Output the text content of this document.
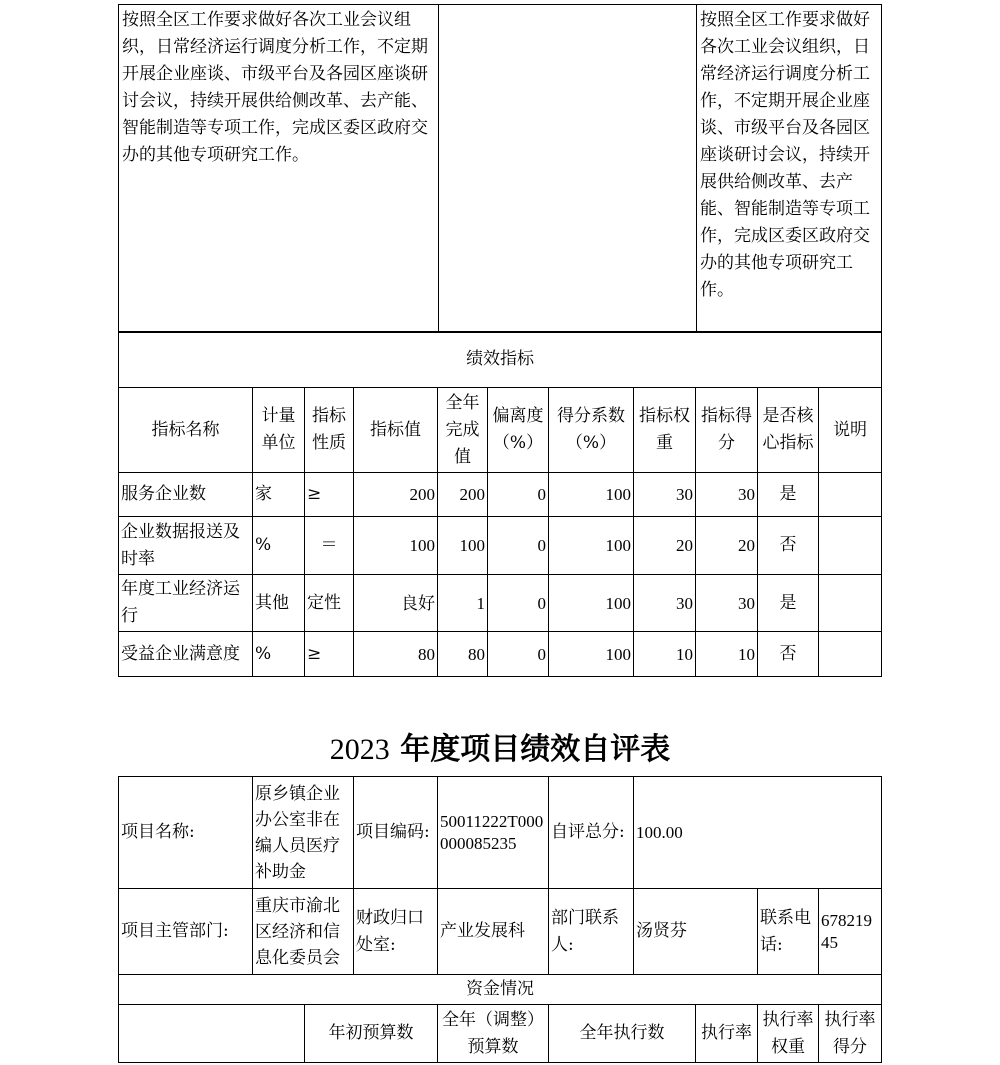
按照全区工作要求做好各次工业会议组织，日常经济运行调度分析工作，不定期开展企业座谈、市级平台及各园区座谈研讨会议，持续开展供给侧改革、去产能、智能制造等专项工作，完成区委区政府交办的其他专项研究工作。		按照全区工作要求做好各次工业会议组织，日常经济运行调度分析工作，不定期开展企业座谈、市级平台及各园区座谈研讨会议，持续开展供给侧改革、去产能、智能制造等专项工作，完成区委区政府交办的其他专项研究工作。
绩效指标										
指标名称	计量单位	指标性质	指标值	全年完成值	偏离度（%）	得分系数（%）	指标权重	指标得分	是否核心指标	说明
服务企业数	家	≥	200	200	0	100	30	30	是	
企业数据报送及时率	%	＝	100	100	0	100	20	20	否	
年度工业经济运行	其他	定性	良好	1	0	100	30	30	是	
受益企业满意度	%	≥	80	80	0	100	10	10	否	
2023 年度项目绩效自评表
项目名称:	原乡镇企业办公室非在编人员医疗补助金		项目编码:	50011222T000000085235	自评总分:	100.00			
项目主管部门:	重庆市渝北区经济和信息化委员会		财政归口处室:	产业发展科	部门联系人:	汤贤芬		联系电话:	67821945
资金情况									
		年初预算数		全年（调整）预算数	全年执行数		执行率	执行率权重	执行率得分
